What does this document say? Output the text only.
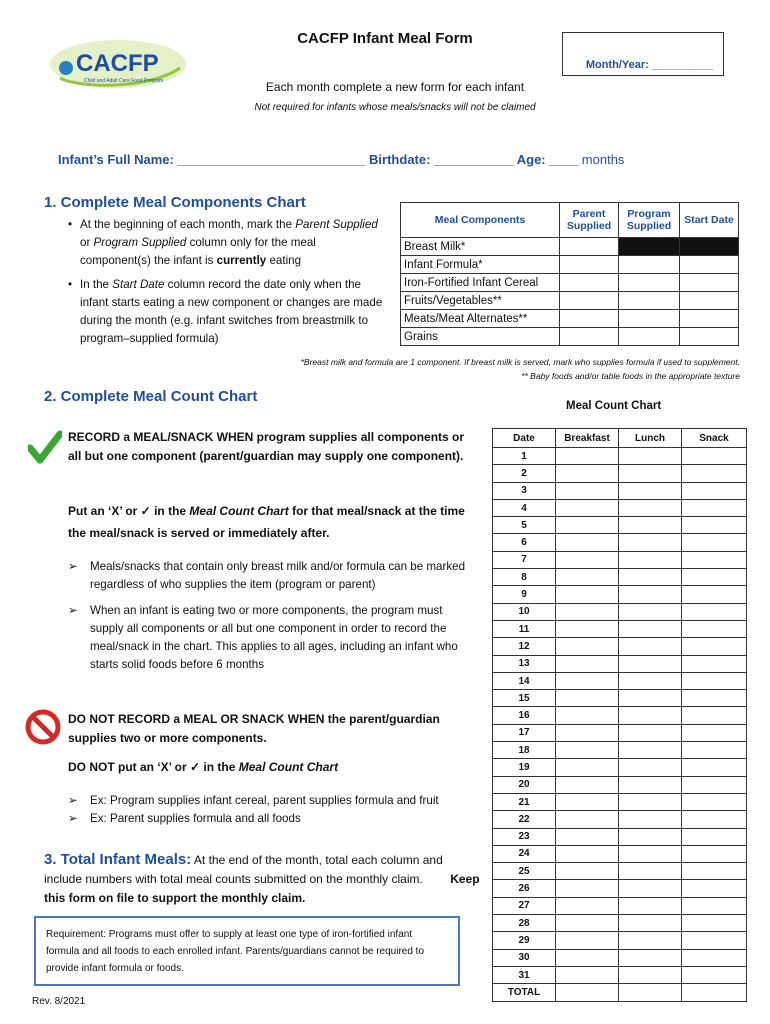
CACFP
Child and Adult Care Food Program
CACFP Infant Meal Form
Month/Year: __________
Each month complete a new form for each infant
Not required for infants whose meals/snacks will not be claimed
Infant’s Full Name: __________________________ Birthdate: ___________ Age: ____ months
1. Complete Meal Components Chart
• At the beginning of each month, mark the Parent Supplied or Program Supplied column only for the meal component(s) the infant is currently eating
• In the Start Date column record the date only when the infant starts eating a new component or changes are made during the month (e.g. infant switches from breastmilk to program–supplied formula)
Meal Components	Parent Supplied	Program Supplied	Start Date
Breast Milk*			
Infant Formula*			
Iron-Fortified Infant Cereal			
Fruits/Vegetables**			
Meats/Meat Alternates**			
Grains			
*Breast milk and formula are 1 component. If breast milk is served, mark who supplies formula if used to supplement.
** Baby foods and/or table foods in the appropriate texture
2. Complete Meal Count Chart
RECORD a MEAL/SNACK WHEN program supplies all components or all but one component (parent/guardian may supply one component).
Put an ‘X’ or ✓ in the Meal Count Chart for that meal/snack at the time the meal/snack is served or immediately after.
➢ Meals/snacks that contain only breast milk and/or formula can be marked regardless of who supplies the item (program or parent)
➢ When an infant is eating two or more components, the program must supply all components or all but one component in order to record the meal/snack in the chart. This applies to all ages, including an infant who starts solid foods before 6 months
DO NOT RECORD a MEAL OR SNACK WHEN the parent/guardian supplies two or more components.
DO NOT put an ‘X’ or ✓ in the Meal Count Chart
➢ Ex: Program supplies infant cereal, parent supplies formula and fruit
➢ Ex: Parent supplies formula and all foods
3. Total Infant Meals: At the end of the month, total each column and include numbers with total meal counts submitted on the monthly claim. Keep this form on file to support the monthly claim.
Requirement: Programs must offer to supply at least one type of iron-fortified infant formula and all foods to each enrolled infant. Parents/guardians cannot be required to provide infant formula or foods.
Rev. 8/2021
Meal Count Chart
Date	Breakfast	Lunch	Snack
1			
2			
3			
4			
5			
6			
7			
8			
9			
10			
11			
12			
13			
14			
15			
16			
17			
18			
19			
20			
21			
22			
23			
24			
25			
26			
27			
28			
29			
30			
31			
TOTAL			
